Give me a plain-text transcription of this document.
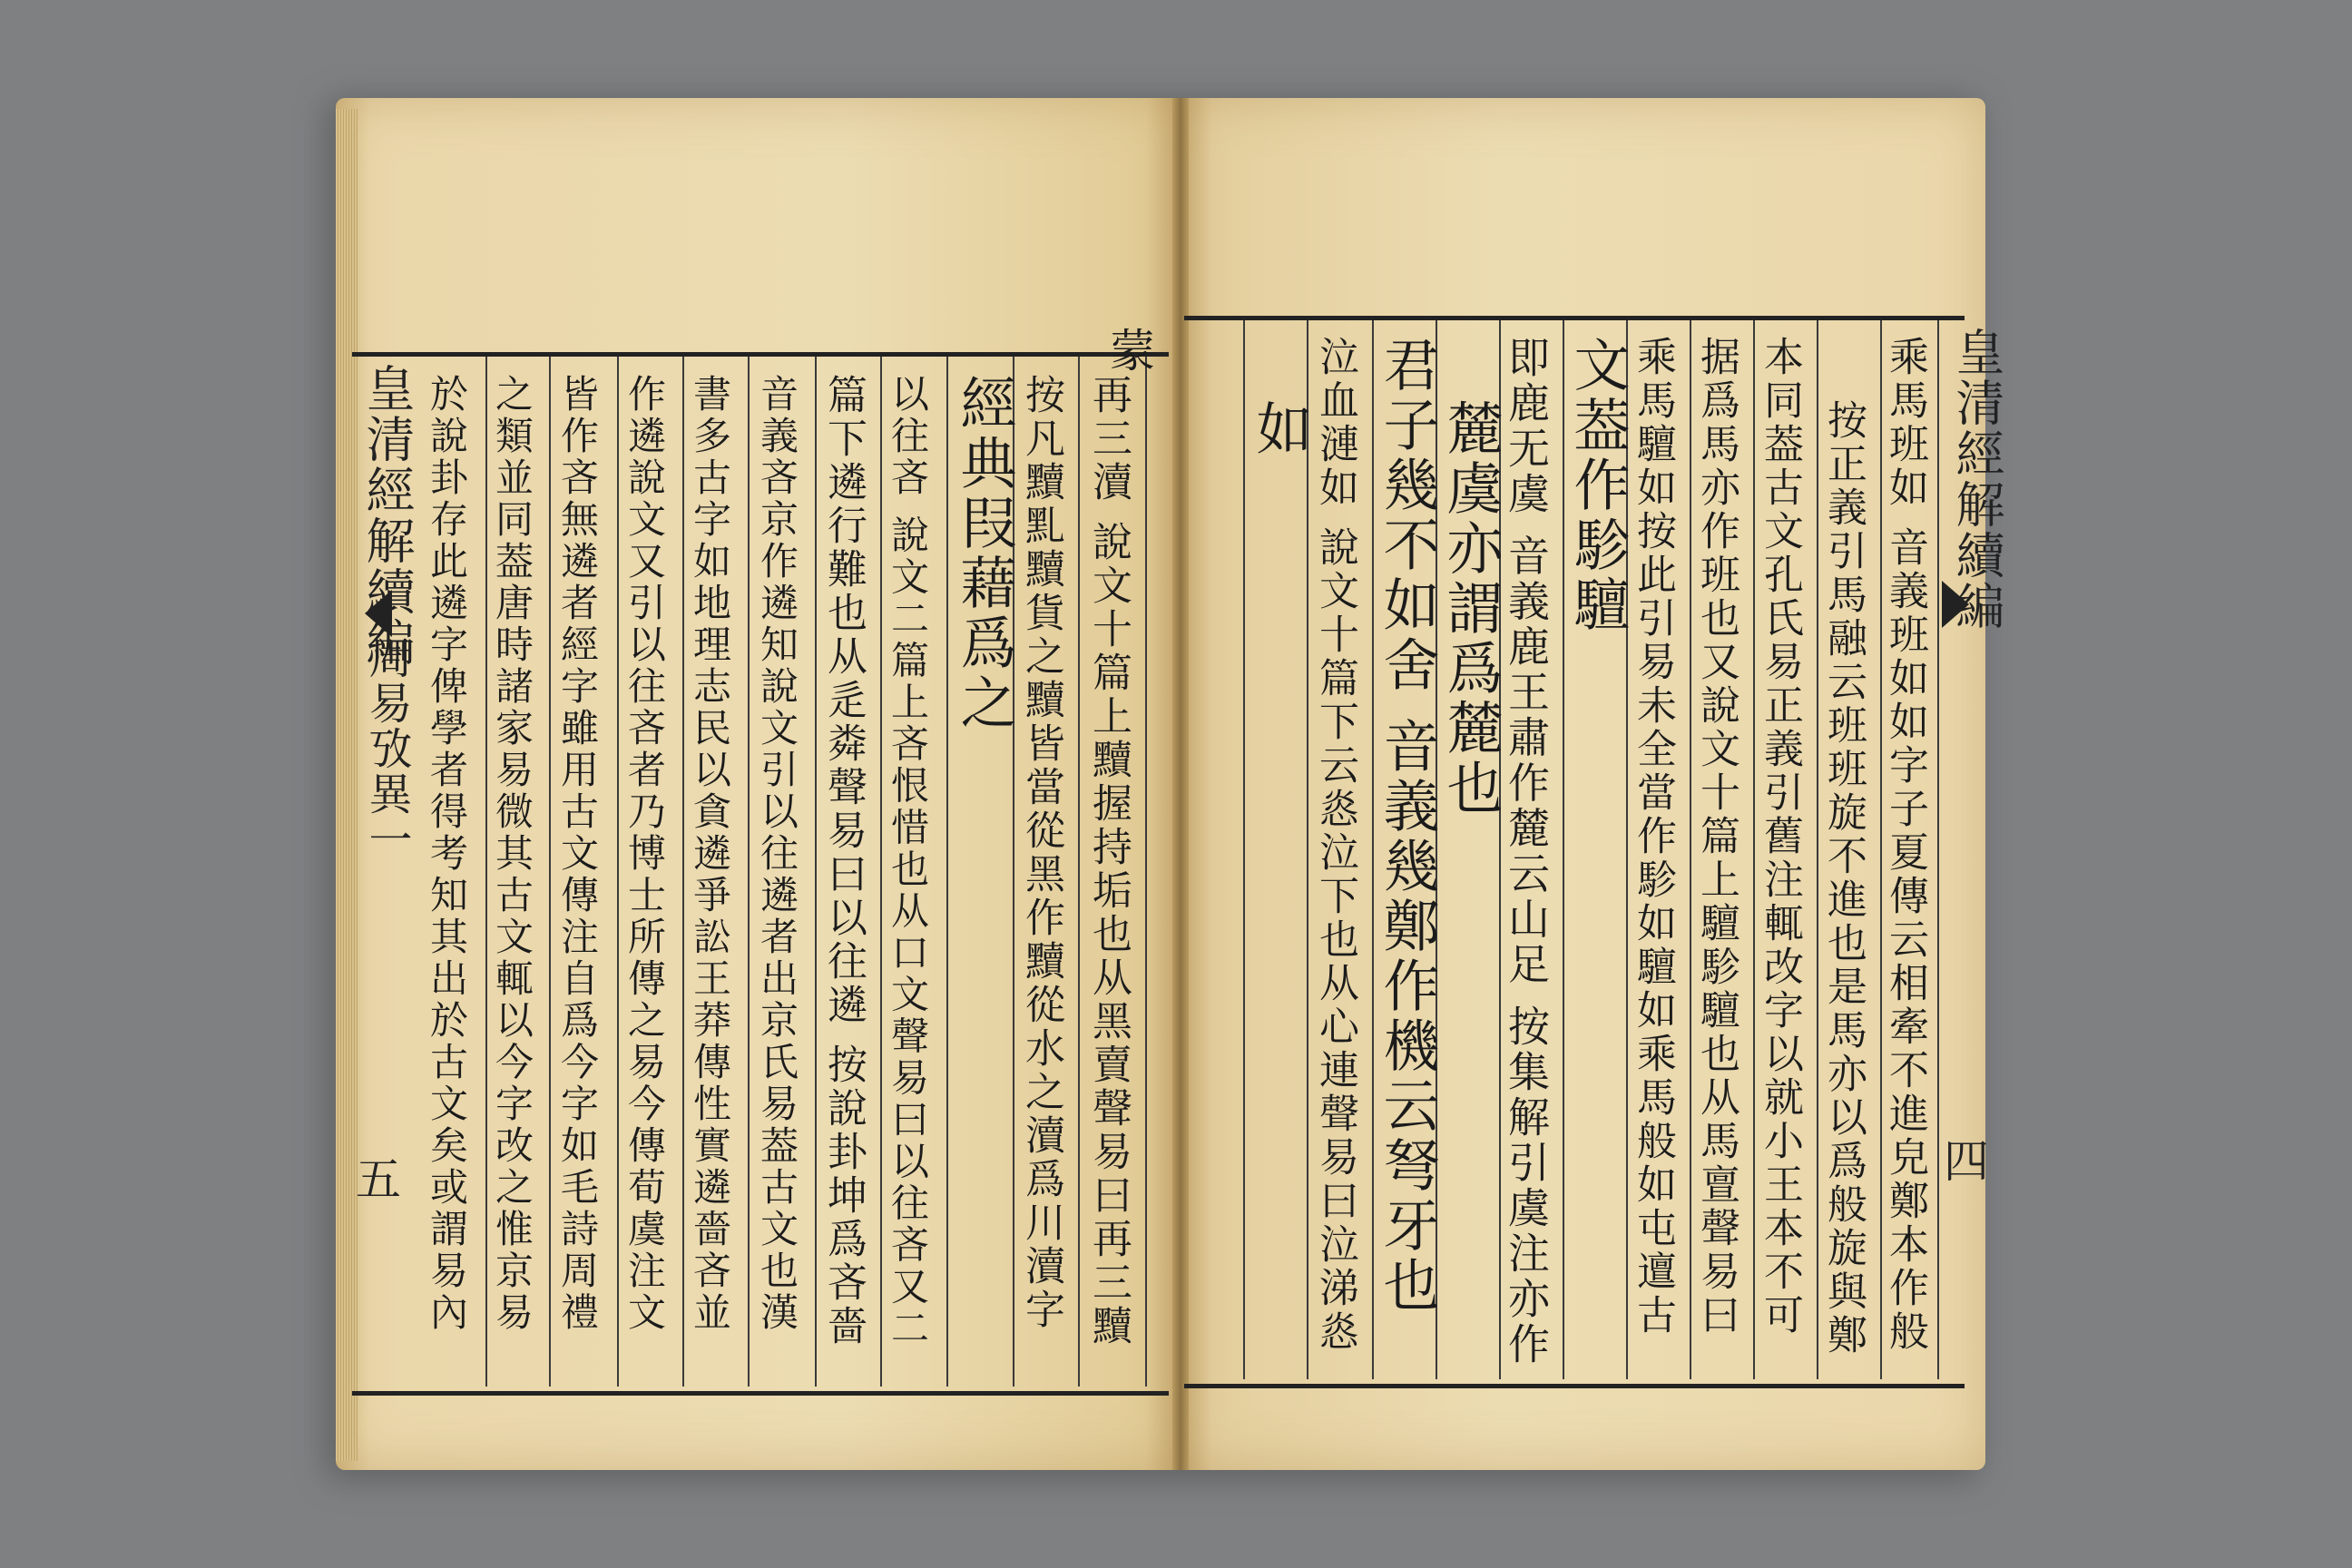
皇清經解續編
周易攷異一
五
皇清經解續編
四
於說卦存此遴字俾學者得考知其出於古文矣或謂易內 之類並同葢唐時諸家易微其古文輒以今字改之惟京易 皆作吝無遴者經字雖用古文傳注自爲今字如毛詩周禮 作遴說文又引以往吝者乃博士所傳之易今傳荀虞注文 書多古字如地理志民以貪遴爭訟王莽傳性實遴嗇吝並 音義吝京作遴知說文引以往遴者出京氏易葢古文也漢 篇下遴行難也从辵粦聲易曰以往遴 按說卦坤爲吝嗇 以往吝 說文二篇上吝恨惜也从口文聲易曰以往吝又二 經典叚藉爲之 按凡黷䵝黷貨之黷皆當從黑作黷從水之瀆爲川瀆字 再三瀆 說文十篇上黷握持垢也从黑賣聲易曰再三黷
蒙	乘馬班如 音義班如如字子夏傳云相牽不進皃鄭本作般
按正義引馬融云班班旋不進也是馬亦以爲般旋與鄭
本同葢古文孔氏易正義引舊注輒改字以就小王本不可
据爲馬亦作班也又說文十篇上驙駗驙也从馬亶聲易曰
乘馬驙如按此引易未全當作駗如驙如乘馬般如屯邅古
文葢作駗驙
即鹿无虞 音義鹿王肅作麓云山足 按集解引虞注亦作
麓虞亦謂爲麓也
君子幾不如舍 音義幾鄭作機云弩牙也
泣血漣如 說文十篇下云㥕泣下也从心連聲易曰泣涕㥕
如
